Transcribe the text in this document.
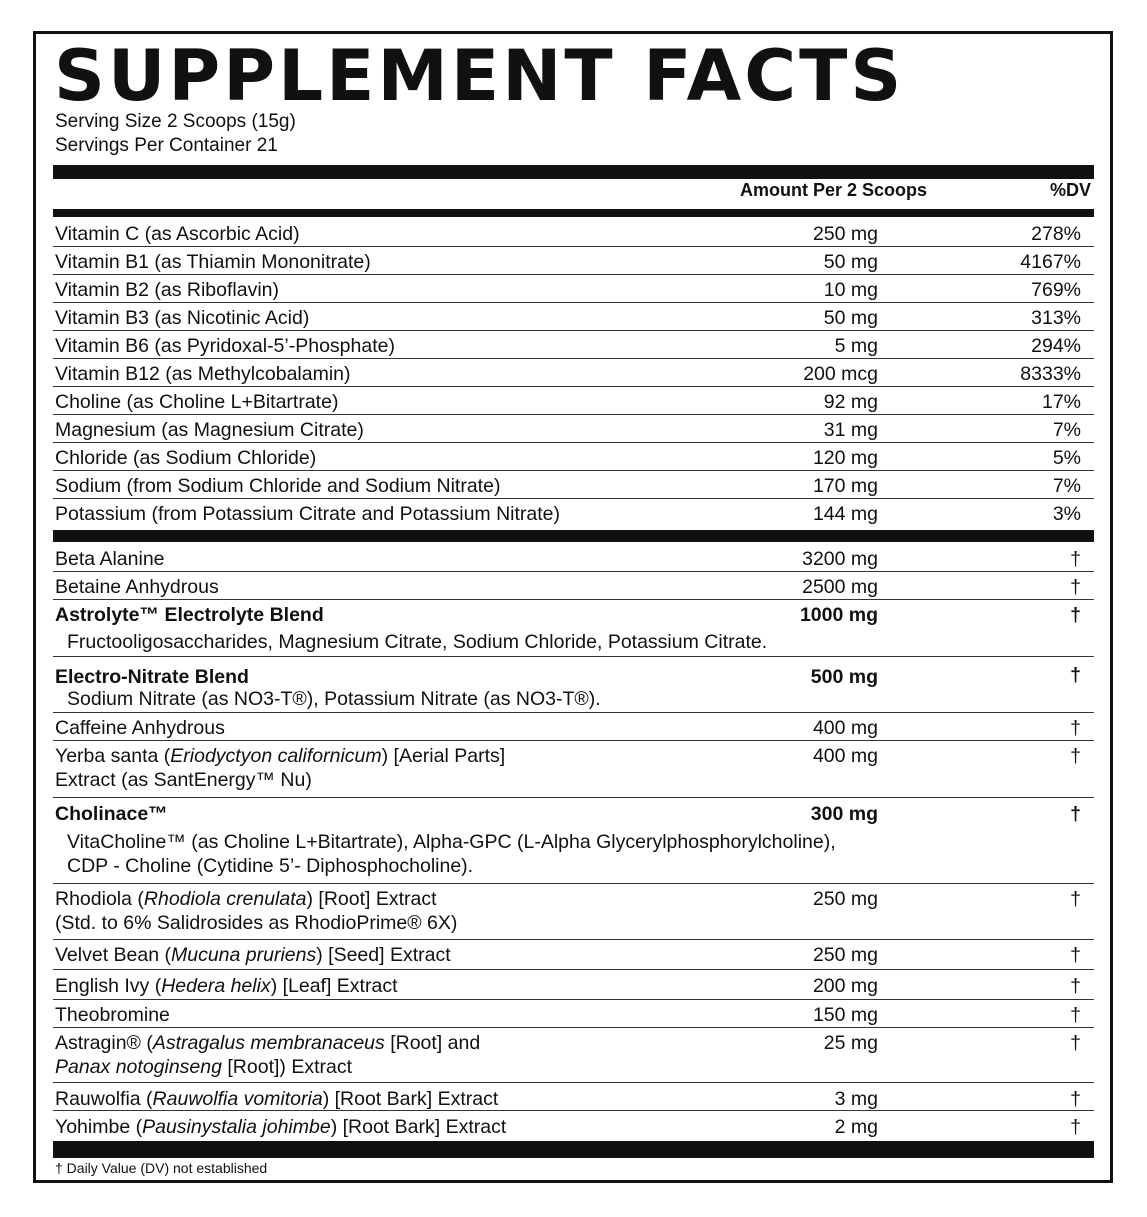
SUPPLEMENT FACTS
Serving Size 2 Scoops (15g)
Servings Per Container 21
Amount Per 2 Scoops	%DV
Vitamin C (as Ascorbic Acid)	250 mg	278%
Vitamin B1 (as Thiamin Mononitrate)	50 mg	4167%
Vitamin B2 (as Riboflavin)	10 mg	769%
Vitamin B3 (as Nicotinic Acid)	50 mg	313%
Vitamin B6 (as Pyridoxal-5’-Phosphate)	5 mg	294%
Vitamin B12 (as Methylcobalamin)	200 mcg	8333%
Choline (as Choline L+Bitartrate)	92 mg	17%
Magnesium (as Magnesium Citrate)	31 mg	7%
Chloride (as Sodium Chloride)	120 mg	5%
Sodium (from Sodium Chloride and Sodium Nitrate)	170 mg	7%
Potassium (from Potassium Citrate and Potassium Nitrate)	144 mg	3%
Beta Alanine	3200 mg	†
Betaine Anhydrous	2500 mg	†
Astrolyte™ Electrolyte Blend	1000 mg	†
Fructooligosaccharides, Magnesium Citrate, Sodium Chloride, Potassium Citrate.
Electro-Nitrate Blend	500 mg	†
Sodium Nitrate (as NO3-T®), Potassium Nitrate (as NO3-T®).
Caffeine Anhydrous	400 mg	†
Yerba santa (Eriodyctyon californicum) [Aerial Parts]
Extract (as SantEnergy™ Nu)
400 mg	†
Cholinace™	300 mg	†
VitaCholine™ (as Choline L+Bitartrate), Alpha-GPC (L-Alpha Glycerylphosphorylcholine),
CDP - Choline (Cytidine 5’- Diphosphocholine).
Rhodiola (Rhodiola crenulata) [Root] Extract
(Std. to 6% Salidrosides as RhodioPrime® 6X)
250 mg	†
Velvet Bean (Mucuna pruriens) [Seed] Extract	250 mg	†
English Ivy (Hedera helix) [Leaf] Extract	200 mg	†
Theobromine	150 mg	†
Astragin® (Astragalus membranaceus [Root] and
Panax notoginseng [Root]) Extract
25 mg	†
Rauwolfia (Rauwolfia vomitoria) [Root Bark] Extract	3 mg	†
Yohimbe (Pausinystalia johimbe) [Root Bark] Extract	2 mg	†
† Daily Value (DV) not established
